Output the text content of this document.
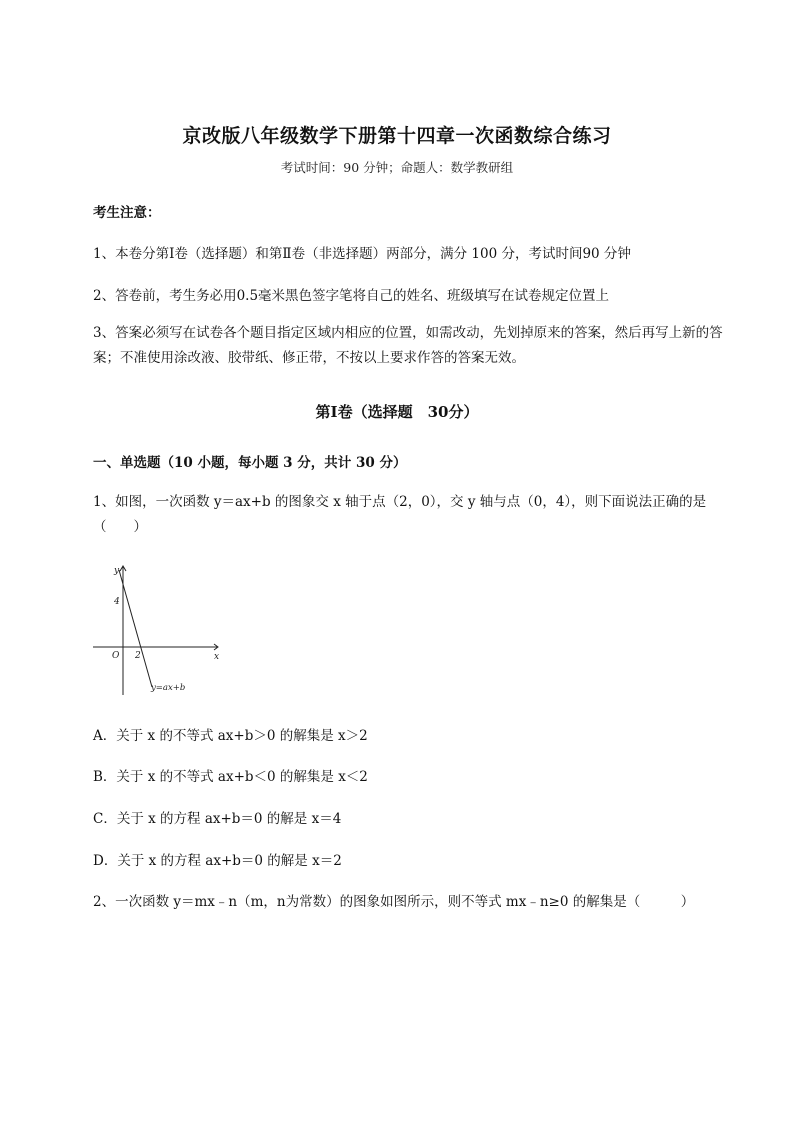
京改版八年级数学下册第十四章一次函数综合练习
考试时间：90 分钟；命题人：数学教研组
考生注意：
1、本卷分第Ⅰ卷（选择题）和第Ⅱ卷（非选择题）两部分，满分 100 分，考试时间90 分钟
2、答卷前，考生务必用0.5毫米黑色签字笔将自己的姓名、班级填写在试卷规定位置上
3、答案必须写在试卷各个题目指定区域内相应的位置，如需改动，先划掉原来的答案，然后再写上新的答案；不准使用涂改液、胶带纸、修正带，不按以上要求作答的答案无效。
第Ⅰ卷（选择题　30分）
一、单选题（10 小题，每小题 3 分，共计 30 分）
1、如图，一次函数 y＝ax+b 的图象交 x 轴于点（2，0），交 y 轴与点（0，4），则下面说法正确的是（　　）
y
x
O
4
2
y=ax+b
A．关于 x 的不等式 ax+b＞0 的解集是 x＞2
B．关于 x 的不等式 ax+b＜0 的解集是 x＜2
C．关于 x 的方程 ax+b＝0 的解是 x＝4
D．关于 x 的方程 ax+b＝0 的解是 x＝2
2、一次函数 y＝mx﹣n（m，n为常数）的图象如图所示，则不等式 mx﹣n≥0 的解集是（　　　）
